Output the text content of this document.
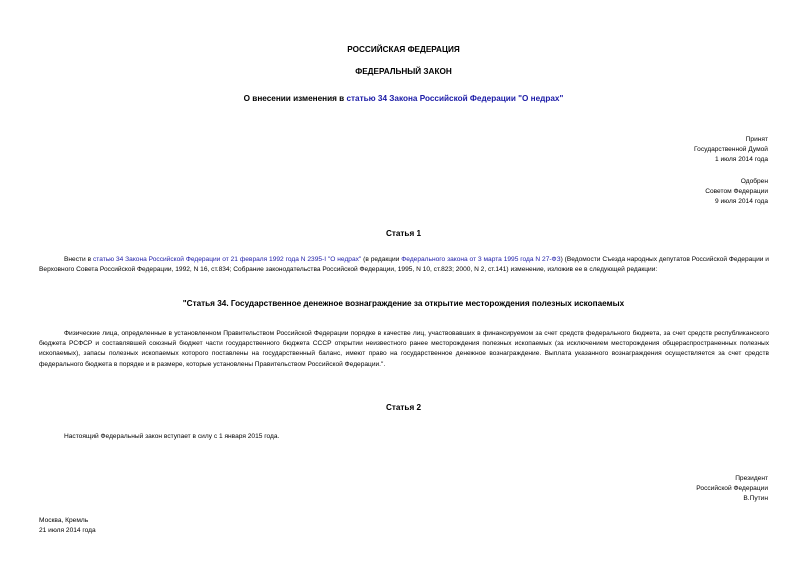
РОССИЙСКАЯ ФЕДЕРАЦИЯ
ФЕДЕРАЛЬНЫЙ ЗАКОН
О внесении изменения в статью 34 Закона Российской Федерации "О недрах"
Принят
Государственной Думой
1 июля 2014 года
Одобрен
Советом Федерации
9 июля 2014 года
Статья 1
Внести в статью 34 Закона Российской Федерации от 21 февраля 1992 года N 2395-I "О недрах" (в редакции Федерального закона от 3 марта 1995 года N 27-ФЗ) (Ведомости Съезда народных депутатов Российской Федерации и Верховного Совета Российской Федерации, 1992, N 16, ст.834; Собрание законодательства Российской Федерации, 1995, N 10, ст.823; 2000, N 2, ст.141) изменение, изложив ее в следующей редакции:
"Статья 34. Государственное денежное вознаграждение за открытие месторождения полезных ископаемых
Физические лица, определенные в установленном Правительством Российской Федерации порядке в качестве лиц, участвовавших в финансируемом за счет средств федерального бюджета, за счет средств республиканского бюджета РСФСР и составлявшей союзный бюджет части государственного бюджета СССР открытии неизвестного ранее месторождения полезных ископаемых (за исключением месторождения общераспространенных полезных ископаемых), запасы полезных ископаемых которого поставлены на государственный баланс, имеют право на государственное денежное вознаграждение. Выплата указанного вознаграждения осуществляется за счет средств федерального бюджета в порядке и в размере, которые установлены Правительством Российской Федерации.".
Статья 2
Настоящий Федеральный закон вступает в силу с 1 января 2015 года.
Президент
Российской Федерации
В.Путин
Москва, Кремль
21 июля 2014 года
